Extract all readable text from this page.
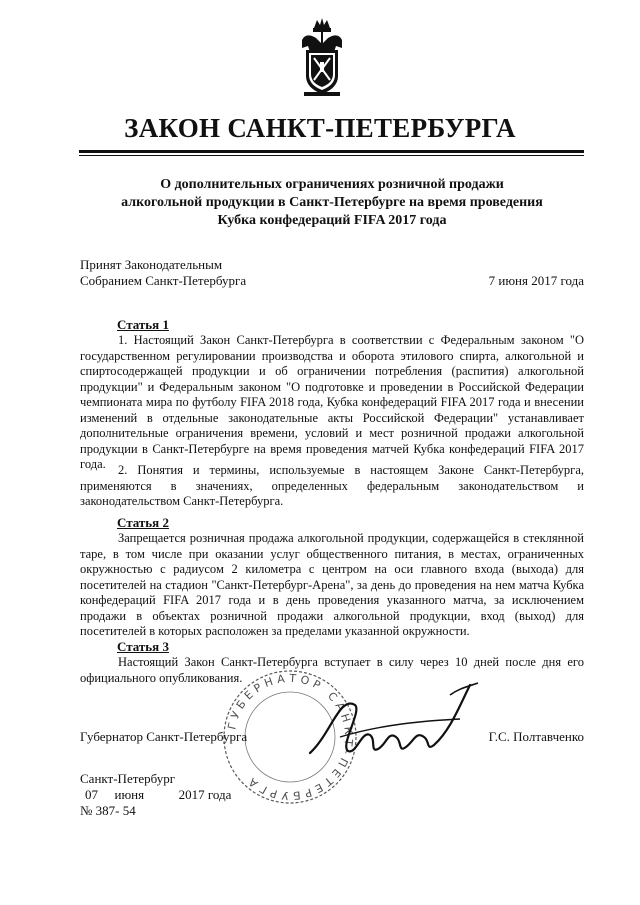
ЗАКОН САНКТ-ПЕТЕРБУРГА
О дополнительных ограничениях розничной продажи
алкогольной продукции в Санкт-Петербурге на время проведения
Кубка конфедераций FIFA 2017 года
Принят Законодательным
Собранием Санкт-Петербурга	7 июня 2017 года
Статья 1

1. Настоящий Закон Санкт-Петербурга в соответствии с Федеральным законом "О государственном регулировании производства и оборота этилового спирта, алкогольной и спиртосодержащей продукции и об ограничении потребления (распития) алкогольной продукции" и Федеральным законом "О подготовке и проведении в Российской Федерации чемпионата мира по футболу FIFA 2018 года, Кубка конфедераций FIFA 2017 года и внесении изменений в отдельные законодательные акты Российской Федерации" устанавливает дополнительные ограничения времени, условий и мест розничной продажи алкогольной продукции в Санкт-Петербурге на время проведения матчей Кубка конфедераций FIFA 2017 года. 2. Понятия и термины, используемые в настоящем Законе Санкт-Петербурга, применяются в значениях, определенных федеральным законодательством и законодательством Санкт-Петербурга.

Статья 2

Запрещается розничная продажа алкогольной продукции, содержащейся в стеклянной таре, в том числе при оказании услуг общественного питания, в местах, ограниченных окружностью с радиусом 2 километра с центром на оси главного входа (выхода) для посетителей на стадион "Санкт-Петербург-Арена", за день до проведения на нем матча Кубка конфедераций FIFA 2017 года и в день проведения указанного матча, за исключением продажи в объектах розничной продажи алкогольной продукции, вход (выход) для посетителей в которых расположен за пределами указанной окружности.

Статья 3

Настоящий Закон Санкт-Петербурга вступает в силу через 10 дней после дня его официального опубликования.

ГУБЕРНАТОР САНКТ-ПЕТЕРБУРГА
Губернатор Санкт-Петербурга	Г.С. Полтавченко
Санкт-Петербург
07 июня	2017 года
№ 387- 54
